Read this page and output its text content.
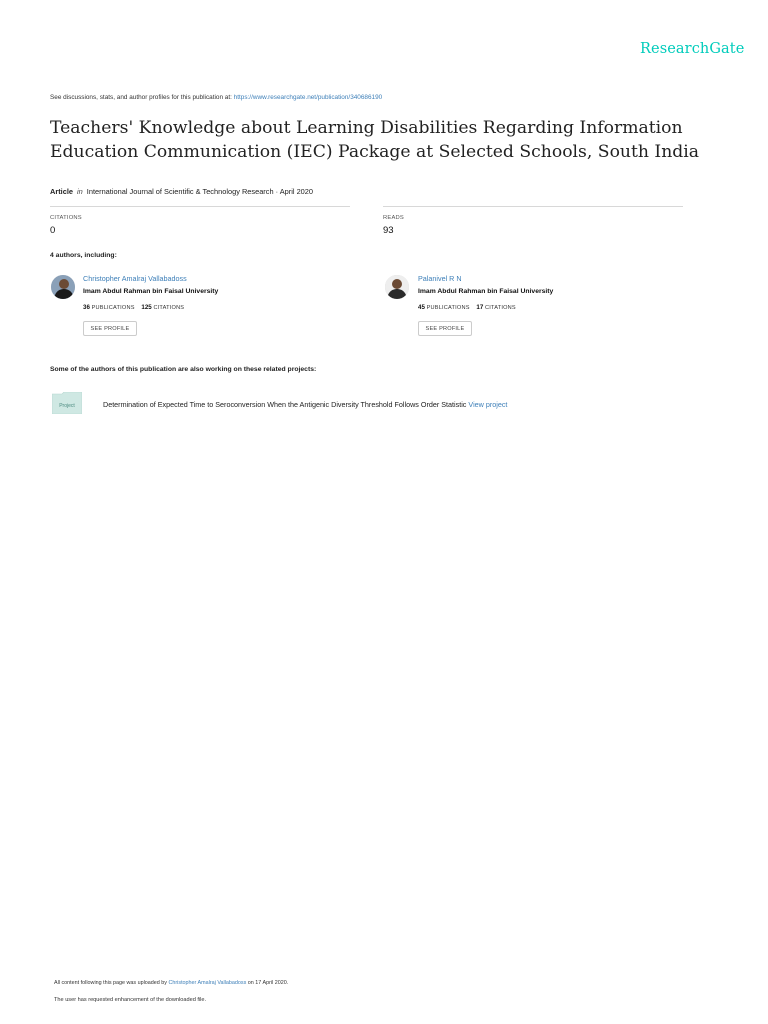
ResearchGate
See discussions, stats, and author profiles for this publication at: https://www.researchgate.net/publication/340686190
Teachers' Knowledge about Learning Disabilities Regarding Information Education Communication (IEC) Package at Selected Schools, South India
Article in International Journal of Scientific & Technology Research · April 2020
CITATIONS
0
READS
93
4 authors, including:
Christopher Amalraj Vallabadoss
Imam Abdul Rahman bin Faisal University
36 PUBLICATIONS 125 CITATIONS
SEE PROFILE
Palanivel R N
Imam Abdul Rahman bin Faisal University
45 PUBLICATIONS 17 CITATIONS
SEE PROFILE
Some of the authors of this publication are also working on these related projects:
Project	Determination of Expected Time to Seroconversion When the Antigenic Diversity Threshold Follows Order Statistic View project
All content following this page was uploaded by Christopher Amalraj Vallabadoss on 17 April 2020.
The user has requested enhancement of the downloaded file.
